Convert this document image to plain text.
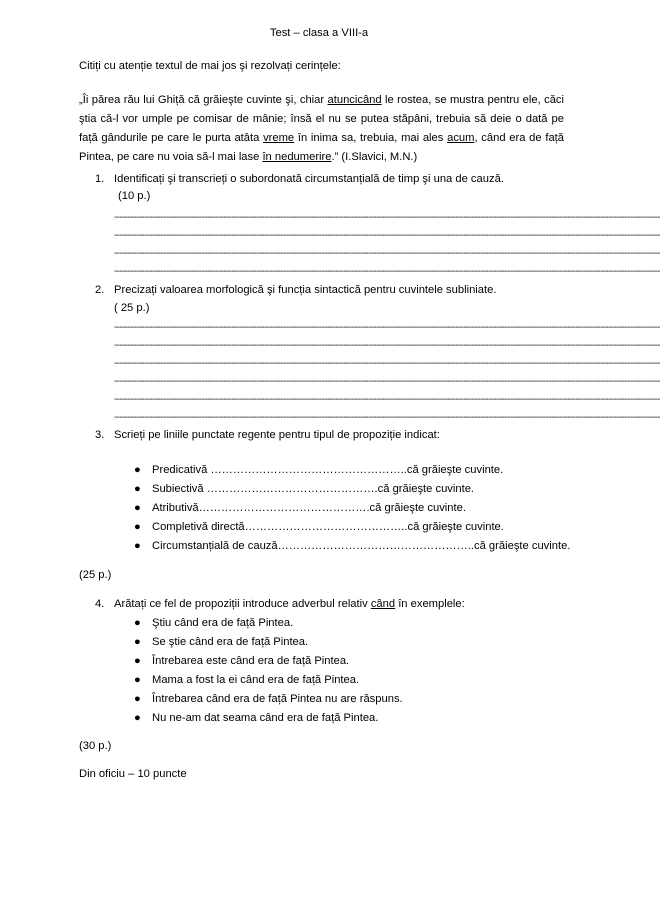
Test – clasa a VIII-a
Citiți cu atenție textul de mai jos şi rezolvați cerințele:
„Îi părea rău lui Ghiță că grăieşte cuvinte şi, chiar atuncicând le rostea, se mustra pentru ele, căci ştia că-l vor umple pe comisar de mânie; însă el nu se putea stăpâni, trebuia să deie o dată pe față gândurile pe care le purta atâta vreme în inima sa, trebuia, mai ales acum, când era de față Pintea, pe care nu voia să-l mai lase în nedumerire.” (I.Slavici, M.N.)
1. Identificați şi transcrieți o subordonată circumstanțială de timp şi una de cauză.
(10 p.)
--------------------------------------------------------------------------------------------------------------------------------------------------------------------------------------------------------
--------------------------------------------------------------------------------------------------------------------------------------------------------------------------------------------------------
--------------------------------------------------------------------------------------------------------------------------------------------------------------------------------------------------------
--------------------------------------------------------------------------------------------------------------------------------------------------------------------------------------------------------
2. Precizați valoarea morfologică şi funcția sintactică pentru cuvintele subliniate.
( 25 p.)
--------------------------------------------------------------------------------------------------------------------------------------------------------------------------------------------------------
--------------------------------------------------------------------------------------------------------------------------------------------------------------------------------------------------------
--------------------------------------------------------------------------------------------------------------------------------------------------------------------------------------------------------
--------------------------------------------------------------------------------------------------------------------------------------------------------------------------------------------------------
--------------------------------------------------------------------------------------------------------------------------------------------------------------------------------------------------------
--------------------------------------------------------------------------------------------------------------------------------------------------------------------------------------------------------
3. Scrieți pe liniile punctate regente pentru tipul de propoziție indicat:
● Predicativă ……………………………………………..că grăieşte cuvinte.
● Subiectivă ……………………………………….că grăieşte cuvinte.
● Atributivă……………………………………….că grăieşte cuvinte.
● Completivă directă……………………………………..că grăieşte cuvinte.
● Circumstanțială de cauză……………………………………………..că grăieşte cuvinte.
(25 p.)
4. Arătați ce fel de propoziții introduce adverbul relativ când în exemplele:
● Ştiu când era de față Pintea.
● Se ştie când era de față Pintea.
● Întrebarea este când era de față Pintea.
● Mama a fost la ei când era de față Pintea.
● Întrebarea când era de față Pintea nu are răspuns.
● Nu ne-am dat seama când era de față Pintea.
(30 p.)
Din oficiu – 10 puncte
